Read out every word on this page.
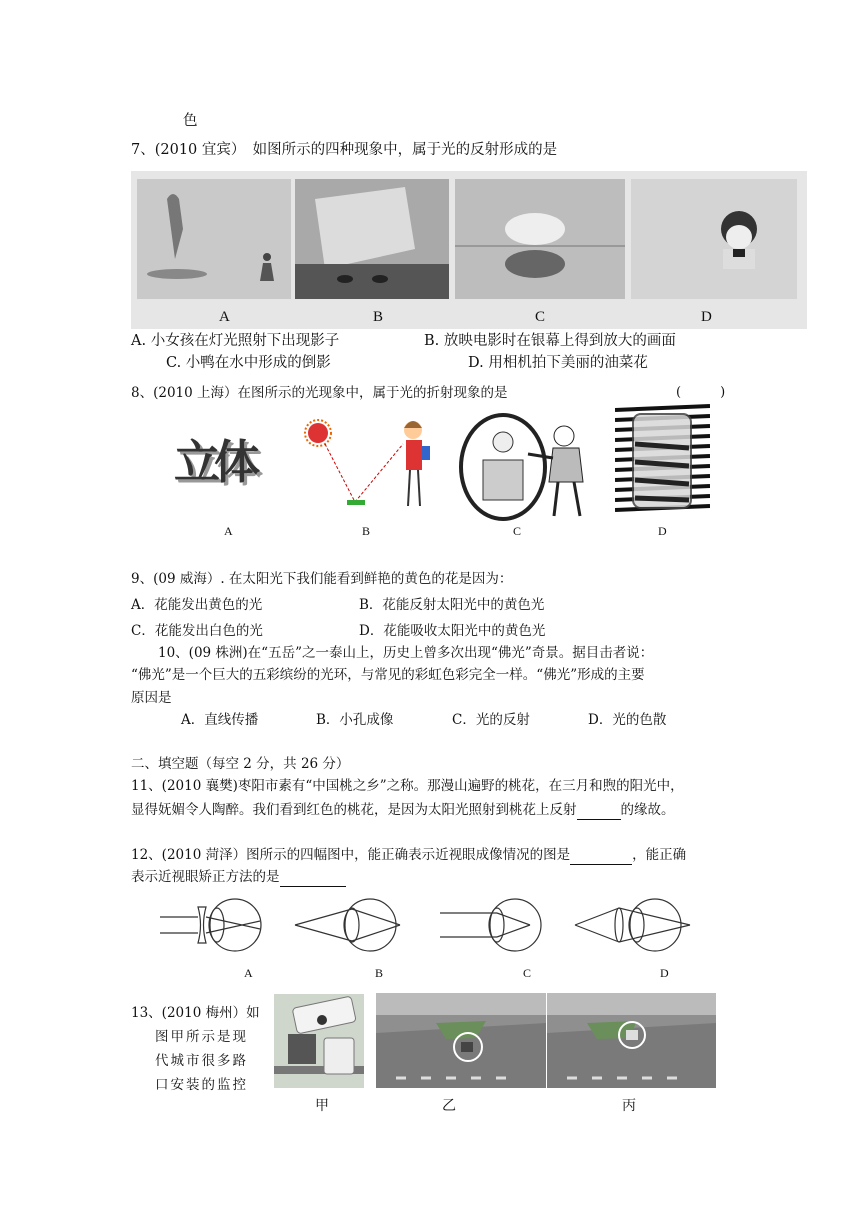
色
7、(2010 宜宾）　如图所示的四种现象中，属于光的反射形成的是
A	B	C	D
A. 小女孩在灯光照射下出现影子	B. 放映电影时在银幕上得到放大的画面
C. 小鸭在水中形成的倒影	D. 用相机拍下美丽的油菜花
8、(2010 上海）在图所示的光现象中，属于光的折射现象的是	(　　　)
立体
A	B	C	D
9、(09 威海）. 在太阳光下我们能看到鲜艳的黄色的花是因为：
A．花能发出黄色的光	B．花能反射太阳光中的黄色光
C．花能发出白色的光	D．花能吸收太阳光中的黄色光
10、(09 株洲)在“五岳”之一泰山上，历史上曾多次出现“佛光”奇景。据目击者说：
“佛光”是一个巨大的五彩缤纷的光环，与常见的彩虹色彩完全一样。“佛光”形成的主要
原因是
A．直线传播	B．小孔成像	C．光的反射	D．光的色散
二、填空题（每空 2 分，共 26 分）
11、(2010 襄樊)枣阳市素有“中国桃之乡”之称。那漫山遍野的桃花，在三月和煦的阳光中，
显得妩媚令人陶醉。我们看到红色的桃花，是因为太阳光照射到桃花上反射	的缘故。
12、(2010 菏泽）图所示的四幅图中，能正确表示近视眼成像情况的图是	，能正确
表示近视眼矫正方法的是
A	B	C	D
13、(2010 梅州）如
图甲所示是现
代城市很多路
口安装的监控
甲	乙	丙
